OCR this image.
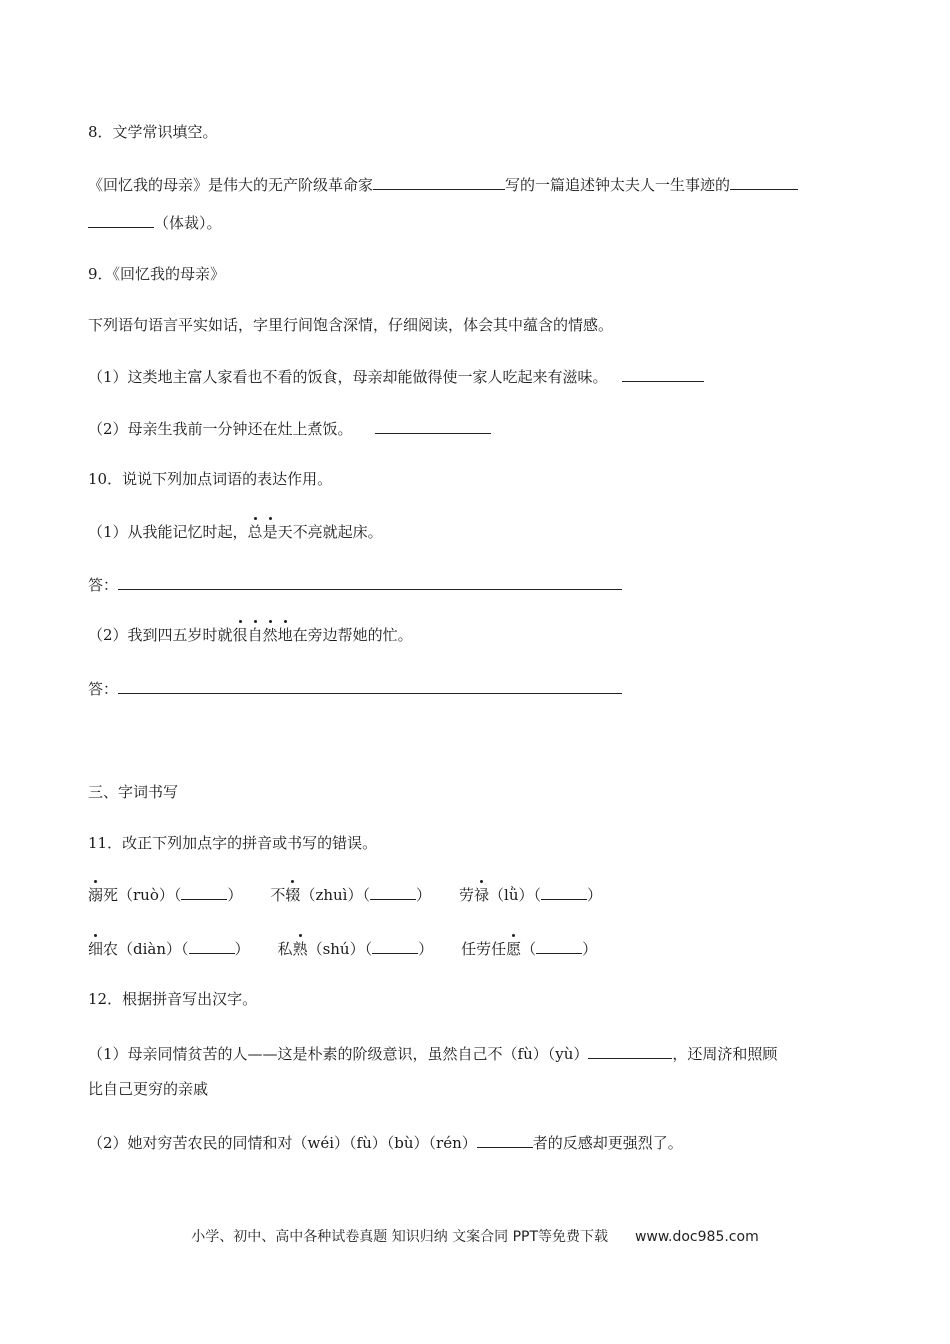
8．文学常识填空。
《回忆我的母亲》是伟大的无产阶级革命家	写的一篇追述钟太夫人一生事迹的
（体裁）。
9．《回忆我的母亲》
下列语句语言平实如话，字里行间饱含深情，仔细阅读，体会其中蕴含的情感。
（1）这类地主富人家看也不看的饭食，母亲却能做得使一家人吃起来有滋味。
（2）母亲生我前一分钟还在灶上煮饭。
10．说说下列加点词语的表达作用。
（1）从我能记忆时起，总是天不亮就起床。
答：
（2）我到四五岁时就很自然地在旁边帮她的忙。
答：
三、字词书写
11．改正下列加点字的拼音或书写的错误。
溺死（ruò）（	） 不辍（zhuì）（	） 劳禄（lǜ）（	）
细农（diàn）（	） 私熟（shú）（	） 任劳任愿（	）
12．根据拼音写出汉字。
（1）母亲同情贫苦的人——这是朴素的阶级意识，虽然自己不（fù）（yù）	，还周济和照顾
比自己更穷的亲戚
（2）她对穷苦农民的同情和对（wéi）（fù）（bù）（rén）	者的反感却更强烈了。
小学、初中、高中各种试卷真题 知识归纳 文案合同 PPT等免费下载 www.doc985.com
